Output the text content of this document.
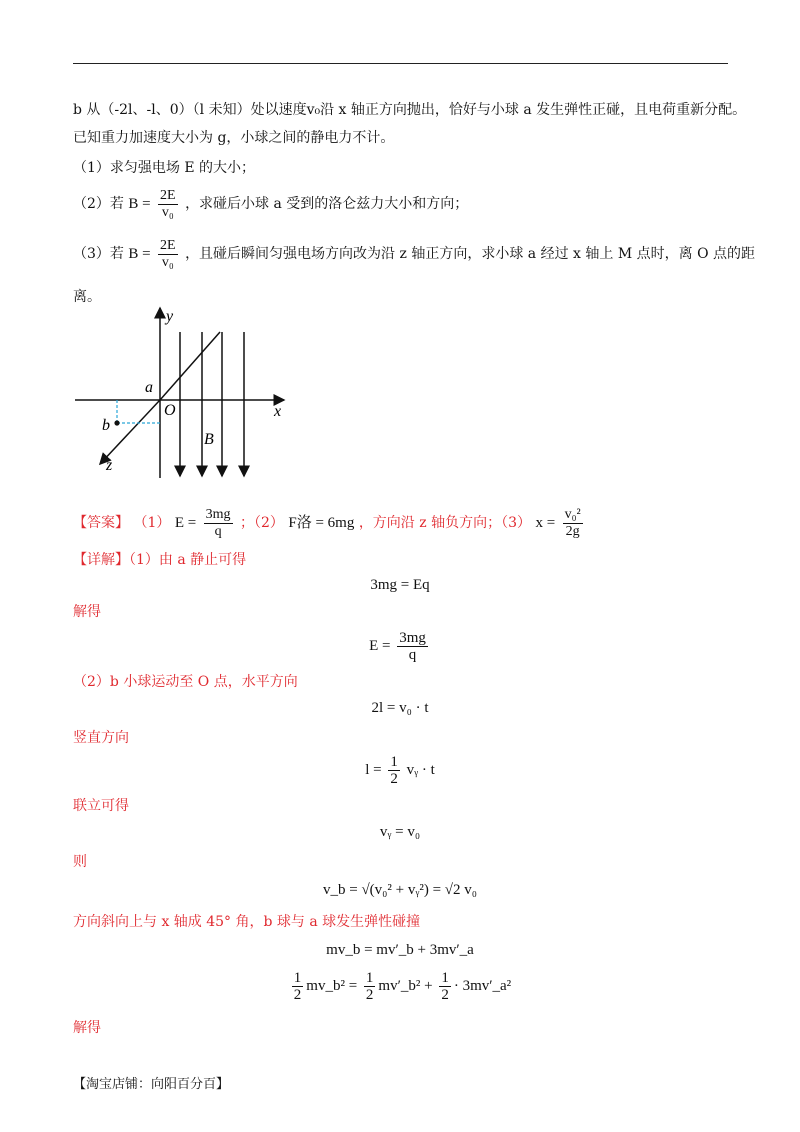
b 从（-2l、-l、0）（l 未知）处以速度v₀沿 x 轴正方向抛出，恰好与小球 a 发生弹性正碰，且电荷重新分配。
已知重力加速度大小为 g，小球之间的静电力不计。
（1）求匀强电场 E 的大小；
（2）若 $B = \frac{2E}{\text{v₀}}$ ，求碰后小球 a 受到的洛仑兹力大小和方向；
（3）若 $B = \frac{2E}{\text{v₀}}$ ，且碰后瞬间匀强电场方向改为沿 z 轴正方向，求小球 a 经过 x 轴上 M 点时，离 O 点的距
离。
y
x
z
a
b
O
B
【答案】 （1） $E = \frac{3mg}{q}$ ；（2） F洛 = 6mg ，方向沿 z 轴负方向；（3） $x = \frac{\text{v₀²}}{2g}$
【详解】（1）由 a 静止可得
3mg = Eq
解得
$E = \frac{3mg}{q}$
（2）b 小球运动至 O 点，水平方向
2l = v₀ · t
竖直方向
$l = \frac{1}{2}$ vᵧ · t
联立可得
vᵧ = v₀
则
v_b = √(v₀² + vᵧ²) = √2 v₀
方向斜向上与 x 轴成 45° 角，b 球与 a 球发生弹性碰撞
mv_b = mv′_b + 3mv′_a
$\frac{1}{2}$ mv_b² = $\frac{1}{2}$ mv′_b² + $\frac{1}{2}$ · 3mv′_a²
解得
【淘宝店铺：向阳百分百】
